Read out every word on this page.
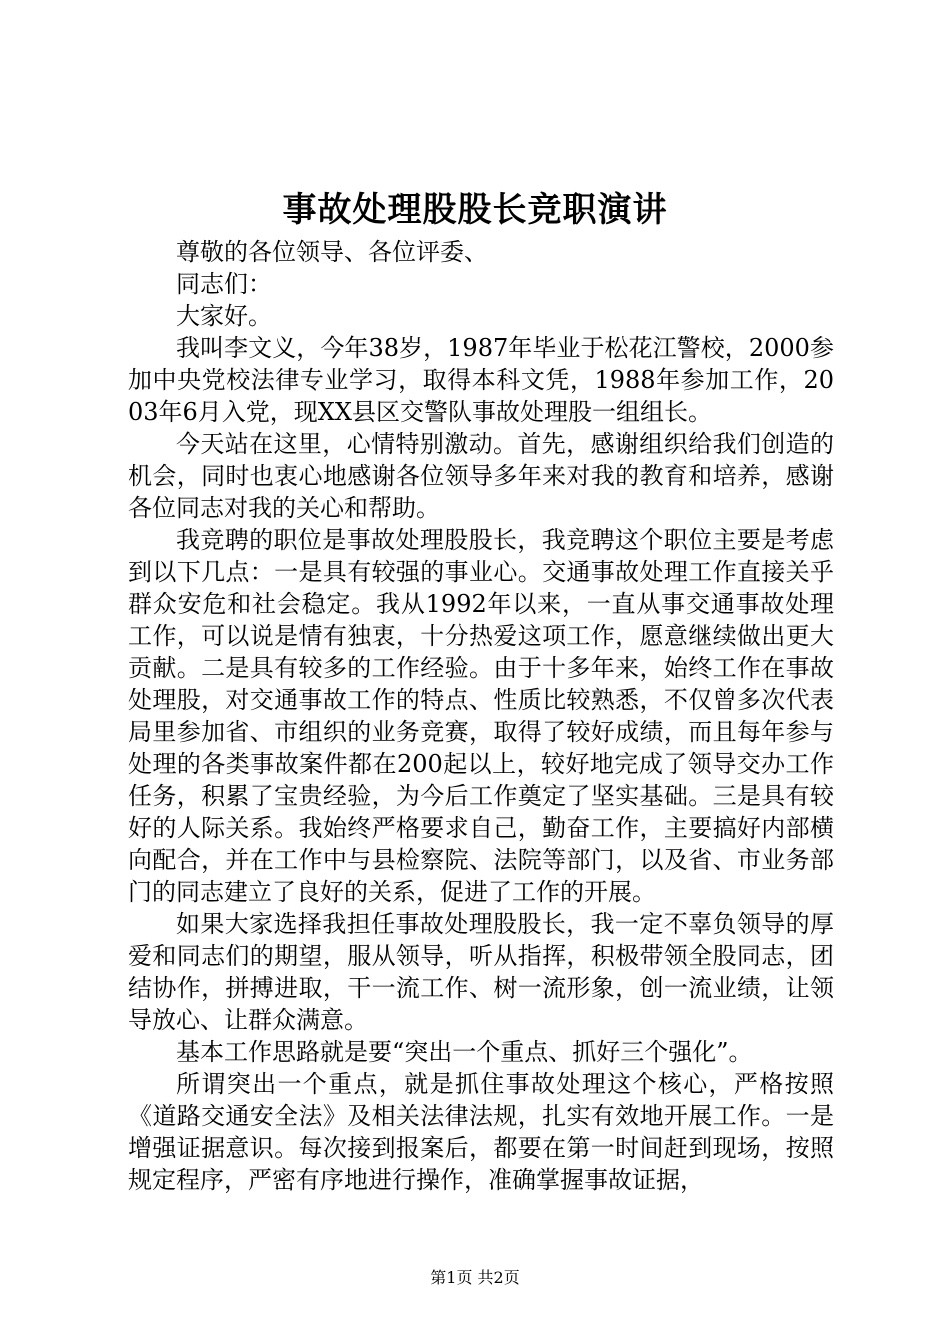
事故处理股股长竞职演讲

尊敬的各位领导、各位评委、

同志们：

大家好。

我叫李文义，今年38岁，1987年毕业于松花江警校，2000参加中央党校法律专业学习，取得本科文凭，1988年参加工作，2003年6月入党，现XX县区交警队事故处理股一组组长。

今天站在这里，心情特别激动。首先，感谢组织给我们创造的机会，同时也衷心地感谢各位领导多年来对我的教育和培养，感谢各位同志对我的关心和帮助。

我竞聘的职位是事故处理股股长，我竞聘这个职位主要是考虑到以下几点：一是具有较强的事业心。交通事故处理工作直接关乎群众安危和社会稳定。我从1992年以来，一直从事交通事故处理工作，可以说是情有独衷，十分热爱这项工作，愿意继续做出更大贡献。二是具有较多的工作经验。由于十多年来，始终工作在事故处理股，对交通事故工作的特点、性质比较熟悉，不仅曾多次代表局里参加省、市组织的业务竞赛，取得了较好成绩，而且每年参与处理的各类事故案件都在200起以上，较好地完成了领导交办工作任务，积累了宝贵经验，为今后工作奠定了坚实基础。三是具有较好的人际关系。我始终严格要求自己，勤奋工作，主要搞好内部横向配合，并在工作中与县检察院、法院等部门，以及省、市业务部门的同志建立了良好的关系，促进了工作的开展。

如果大家选择我担任事故处理股股长，我一定不辜负领导的厚爱和同志们的期望，服从领导，听从指挥，积极带领全股同志，团结协作，拼搏进取，干一流工作、树一流形象，创一流业绩，让领导放心、让群众满意。

基本工作思路就是要“突出一个重点、抓好三个强化”。

所谓突出一个重点，就是抓住事故处理这个核心，严格按照《道路交通安全法》及相关法律法规，扎实有效地开展工作。一是增强证据意识。每次接到报案后，都要在第一时间赶到现场，按照规定程序，严密有序地进行操作，准确掌握事故证据，

第1页 共2页
